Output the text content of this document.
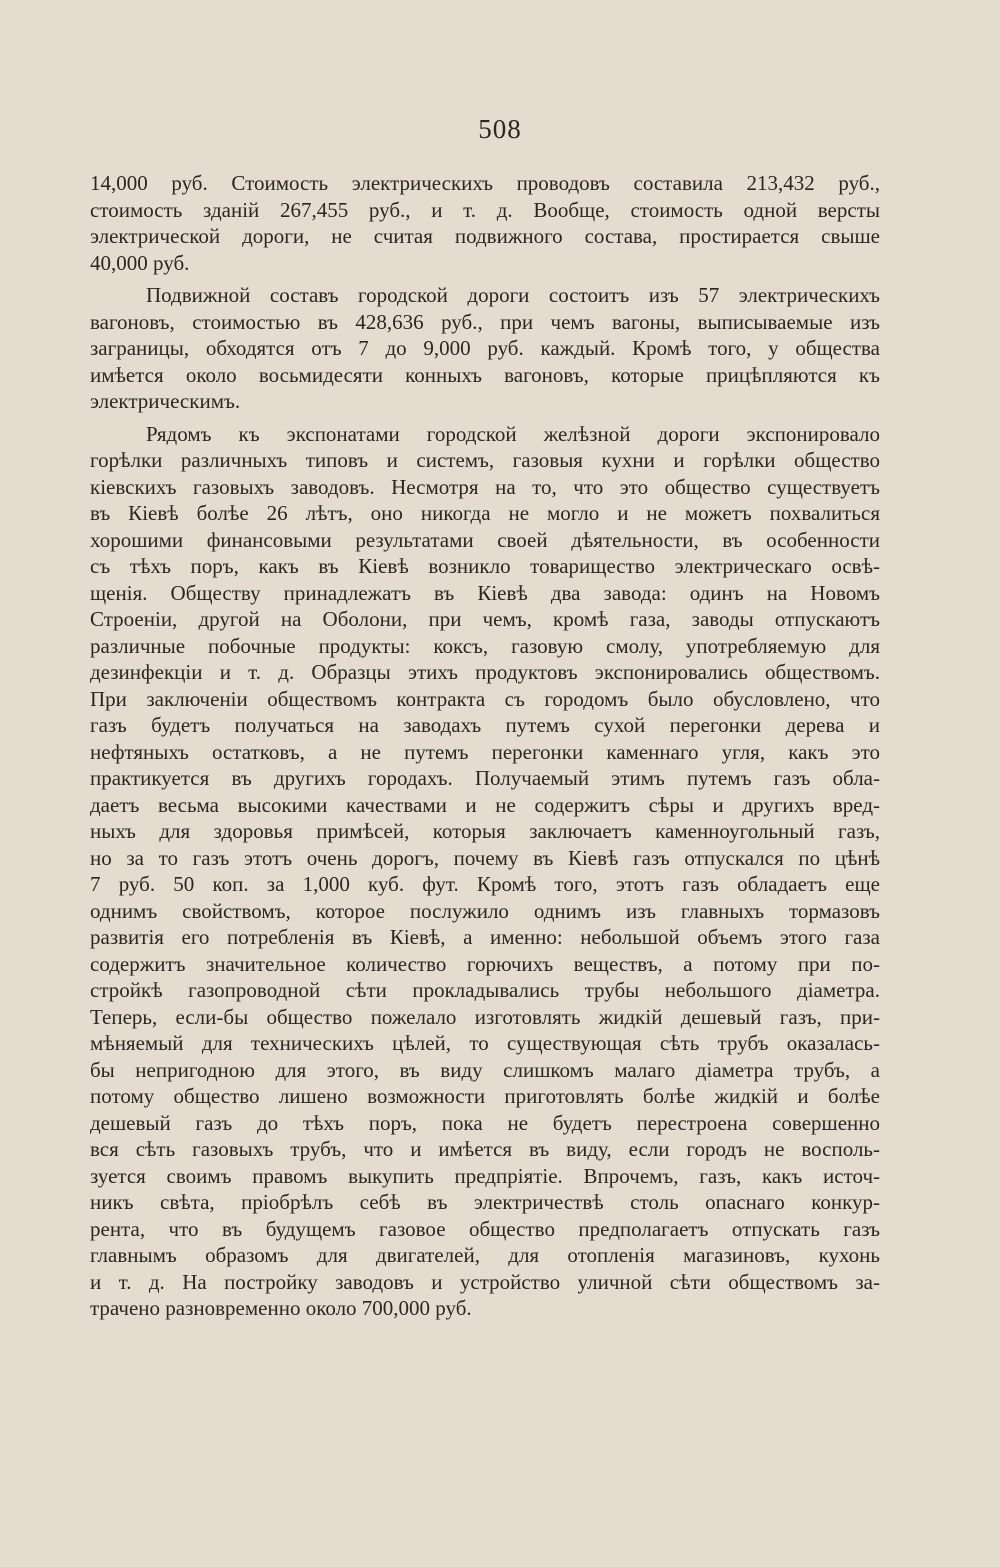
508
14,000 руб. Стоимость электрическихъ проводовъ составила 213,432 руб.,
стоимость зданій 267,455 руб., и т. д. Вообще, стоимость одной версты
электрической дороги, не считая подвижного состава, простирается свыше
40,000 руб.
Подвижной составъ городской дороги состоитъ изъ 57 электрическихъ
вагоновъ, стоимостью въ 428,636 руб., при чемъ вагоны, выписываемые изъ
заграницы, обходятся отъ 7 до 9,000 руб. каждый. Кромѣ того, у общества
имѣется около восьмидесяти конныхъ вагоновъ, которые прицѣпляются къ
электрическимъ.
Рядомъ къ экспонатами городской желѣзной дороги экспонировало
горѣлки различныхъ типовъ и системъ, газовыя кухни и горѣлки общество
кіевскихъ газовыхъ заводовъ. Несмотря на то, что это общество существуетъ
въ Кіевѣ болѣе 26 лѣтъ, оно никогда не могло и не можетъ похвалиться
хорошими финансовыми результатами своей дѣятельности, въ особенности
съ тѣхъ поръ, какъ въ Кіевѣ возникло товарищество электрическаго освѣ-
щенія. Обществу принадлежатъ въ Кіевѣ два завода: одинъ на Новомъ
Строеніи, другой на Оболони, при чемъ, кромѣ газа, заводы отпускаютъ
различные побочные продукты: коксъ, газовую смолу, употребляемую для
дезинфекціи и т. д. Образцы этихъ продуктовъ экспонировались обществомъ.
При заключеніи обществомъ контракта съ городомъ было обусловлено, что
газъ будетъ получаться на заводахъ путемъ сухой перегонки дерева и
нефтяныхъ остатковъ, а не путемъ перегонки каменнаго угля, какъ это
практикуется въ другихъ городахъ. Получаемый этимъ путемъ газъ обла-
даетъ весьма высокими качествами и не содержитъ сѣры и другихъ вред-
ныхъ для здоровья примѣсей, которыя заключаетъ каменноугольный газъ,
но за то газъ этотъ очень дорогъ, почему въ Кіевѣ газъ отпускался по цѣнѣ
7 руб. 50 коп. за 1,000 куб. фут. Кромѣ того, этотъ газъ обладаетъ еще
однимъ свойствомъ, которое послужило однимъ изъ главныхъ тормазовъ
развитія его потребленія въ Кіевѣ, а именно: небольшой объемъ этого газа
содержитъ значительное количество горючихъ веществъ, а потому при по-
стройкѣ газопроводной сѣти прокладывались трубы небольшого діаметра.
Теперь, если-бы общество пожелало изготовлять жидкій дешевый газъ, при-
мѣняемый для техническихъ цѣлей, то существующая сѣть трубъ оказалась-
бы непригодною для этого, въ виду слишкомъ малаго діаметра трубъ, а
потому общество лишено возможности приготовлять болѣе жидкій и болѣе
дешевый газъ до тѣхъ поръ, пока не будетъ перестроена совершенно
вся сѣть газовыхъ трубъ, что и имѣется въ виду, если городъ не восполь-
зуется своимъ правомъ выкупить предпріятіе. Впрочемъ, газъ, какъ источ-
никъ свѣта, пріобрѣлъ себѣ въ электричествѣ столь опаснаго конкур-
рента, что въ будущемъ газовое общество предполагаетъ отпускать газъ
главнымъ образомъ для двигателей, для отопленія магазиновъ, кухонь
и т. д. На постройку заводовъ и устройство уличной сѣти обществомъ за-
трачено разновременно около 700,000 руб.
